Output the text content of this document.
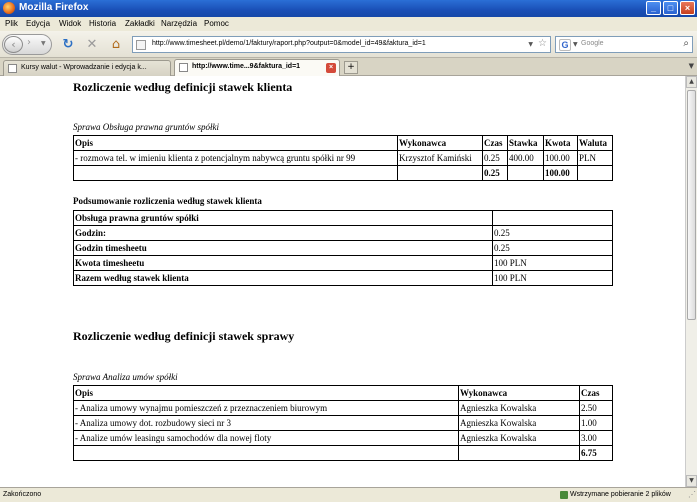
Mozilla Firefox	_	□	×
Plik Edycja Widok Historia Zakładki Narzędzia Pomoc
‹	› ▼ ↻ ✕ ⌂	http://www.timesheet.pl/demo/1/faktury/raport.php?output=0&model_id=49&faktura_id=1	▼ ☆ G ▼ Google	⌕
Kursy walut - Wprowadzanie i edycja k...	http://www.time...9&faktura_id=1	×	+	▼
Rozliczenie według definicji stawek klienta
Sprawa Obsługa prawna gruntów spółki
Opis	Wykonawca	Czas	Stawka	Kwota	Waluta
- rozmowa tel. w imieniu klienta z potencjalnym nabywcą gruntu spółki nr 99	Krzysztof Kamiński	0.25	400.00	100.00	PLN
		0.25		100.00	
Podsumowanie rozliczenia według stawek klienta
Obsługa prawna gruntów spółki	
Godzin:	0.25
Godzin timesheetu	0.25
Kwota timesheetu	100 PLN
Razem według stawek klienta	100 PLN
Rozliczenie według definicji stawek sprawy
Sprawa Analiza umów spółki
Opis	Wykonawca	Czas
- Analiza umowy wynajmu pomieszczeń z przeznaczeniem biurowym	Agnieszka Kowalska	2.50
- Analiza umowy dot. rozbudowy sieci nr 3	Agnieszka Kowalska	1.00
- Analize umów leasingu samochodów dla nowej floty	Agnieszka Kowalska	3.00
		6.75
▲
▼
Zakończono	Wstrzymane pobieranie 2 plików ⋰
